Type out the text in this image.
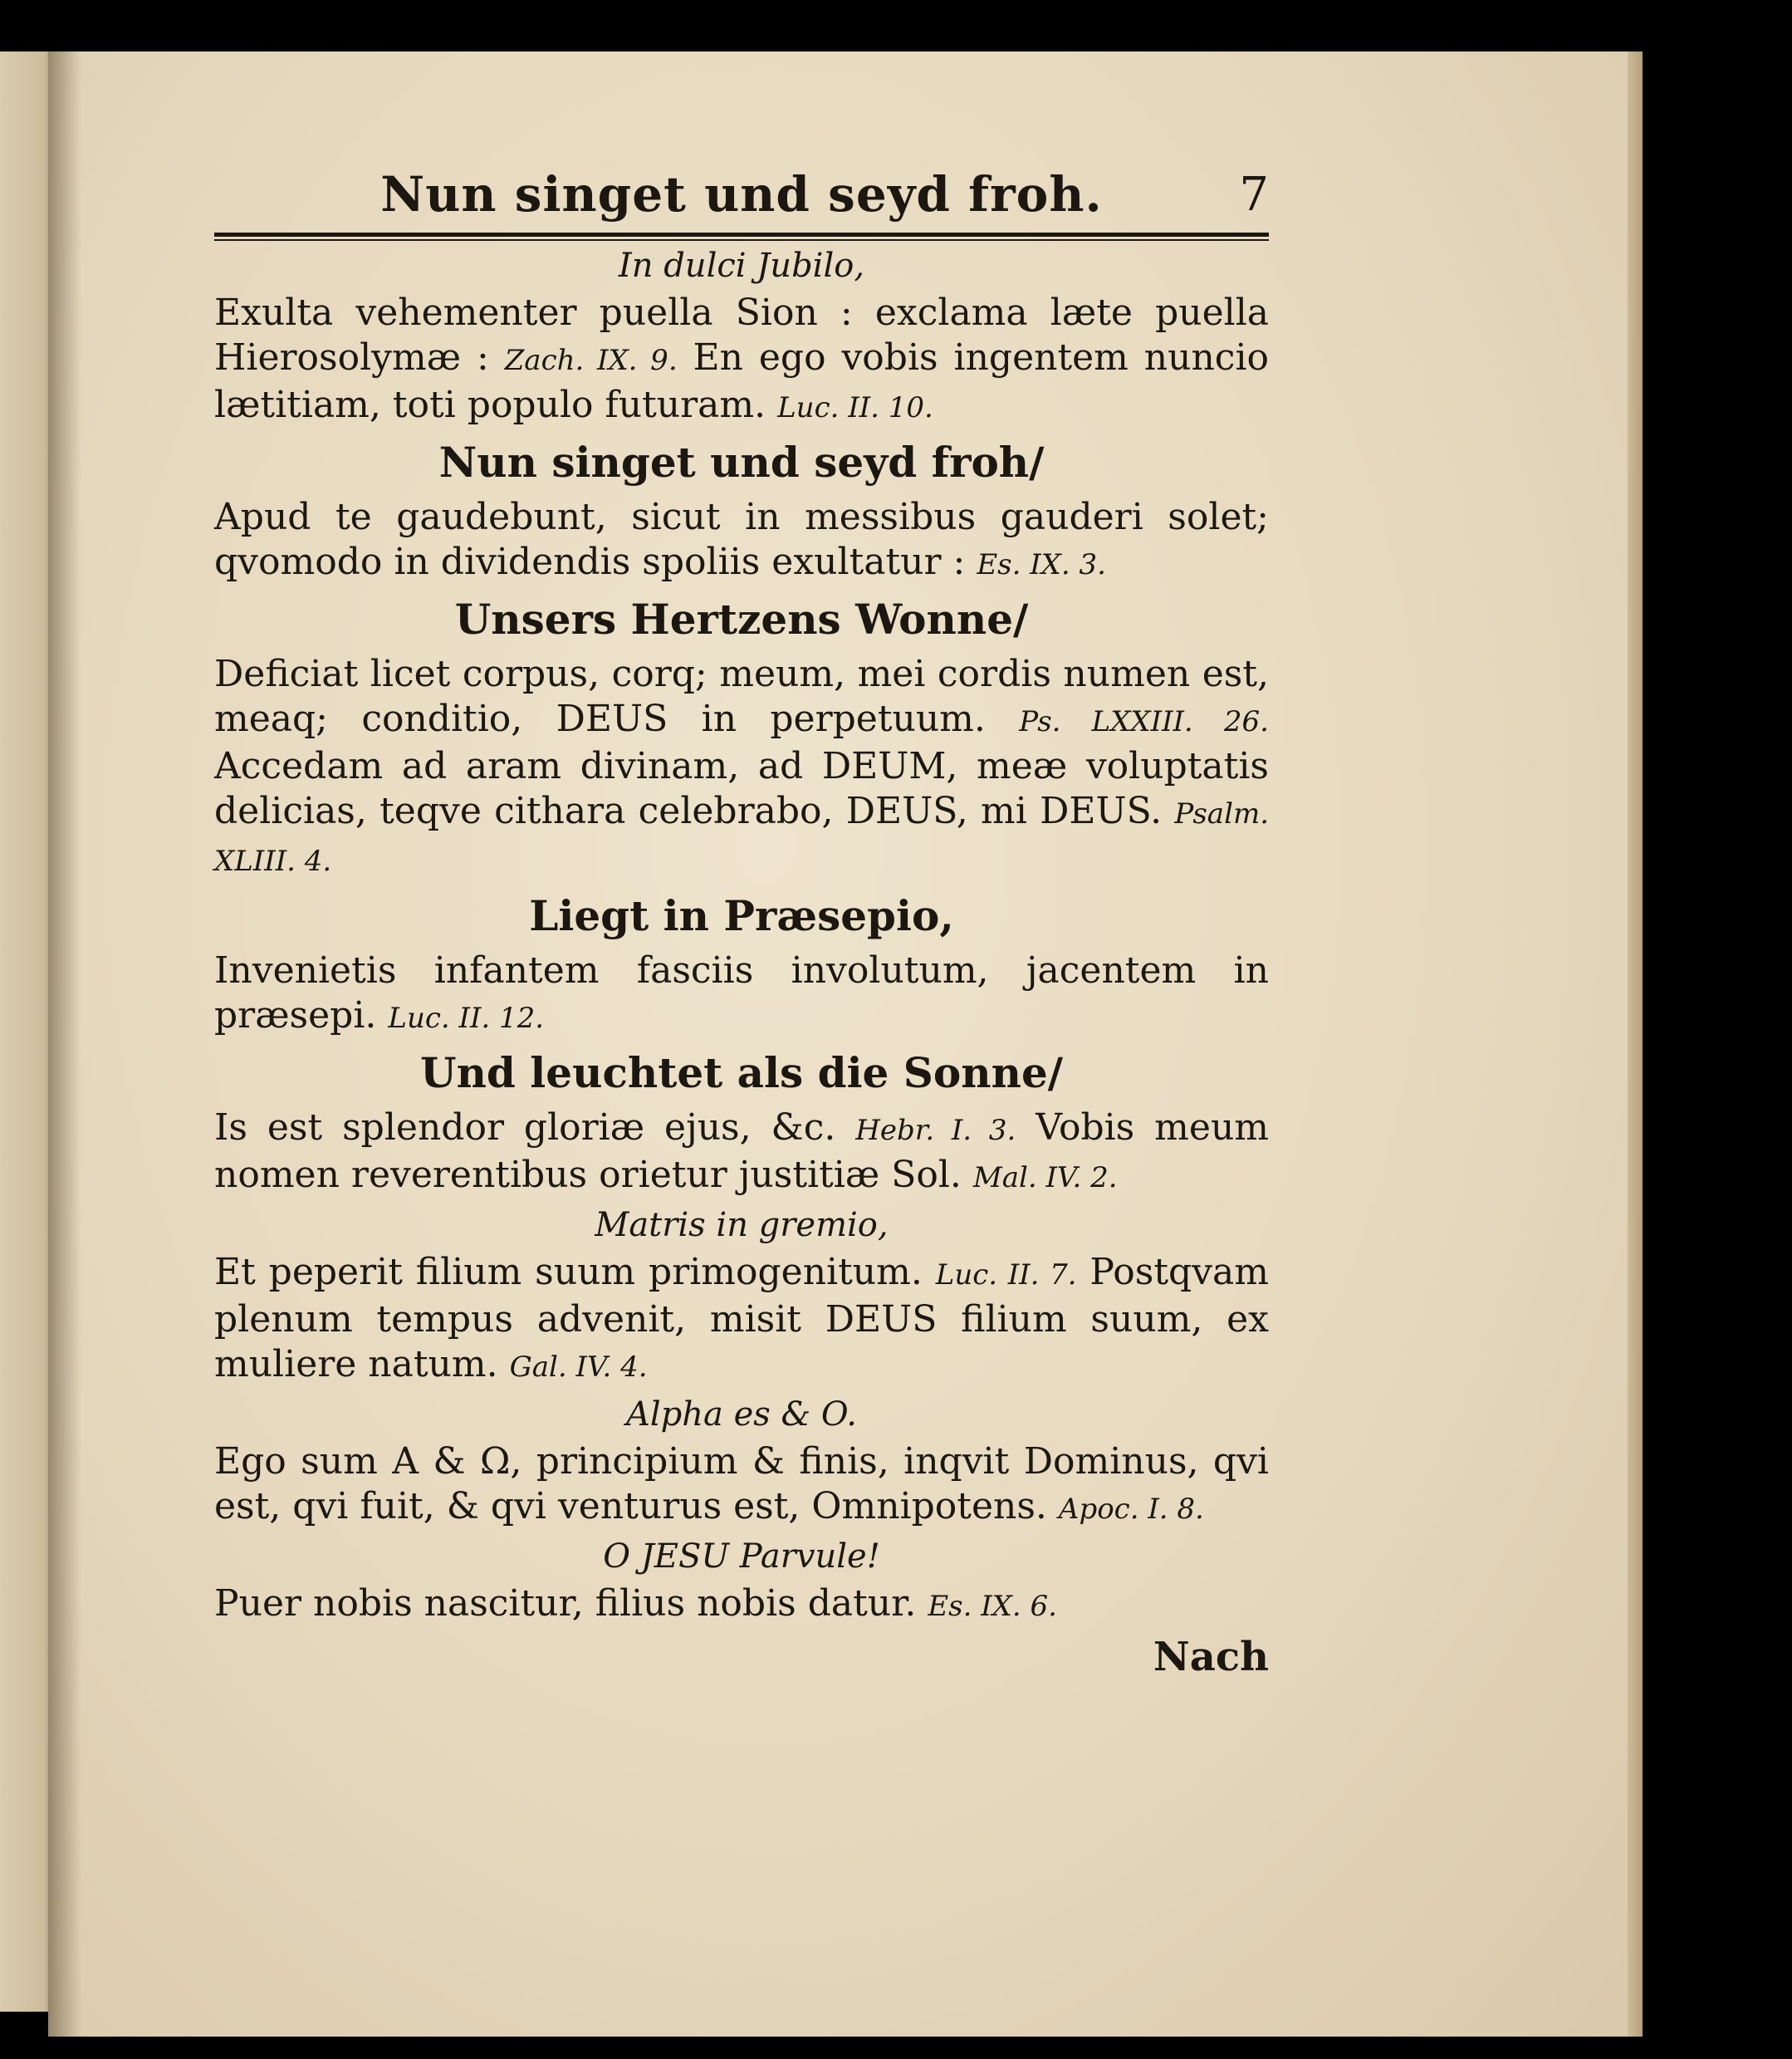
Nun singet und seyd froh.	7

In dulci Jubilo,

Exulta vehementer puella Sion : exclama læte puella Hierosolymæ : Zach. IX. 9. En ego vobis ingentem nuncio lætitiam, toti populo futuram. Luc. II. 10.

Nun singet und seyd froh/

Apud te gaudebunt, sicut in messibus gauderi solet; qvomodo in dividendis spoliis exultatur : Es. IX. 3.

Unsers Hertzens Wonne/

Deficiat licet corpus, corq; meum, mei cordis numen est, meaq; conditio, DEUS in perpetuum. Ps. LXXIII. 26. Accedam ad aram divinam, ad DEUM, meæ voluptatis delicias, teqve cithara celebrabo, DEUS, mi DEUS. Psalm. XLIII. 4.

Liegt in Præsepio,

Invenietis infantem fasciis involutum, jacentem in præsepi. Luc. II. 12.

Und leuchtet als die Sonne/

Is est splendor gloriæ ejus, &c. Hebr. I. 3. Vobis meum nomen reverentibus orietur justitiæ Sol. Mal. IV. 2.

Matris in gremio,

Et peperit filium suum primogenitum. Luc. II. 7. Postqvam plenum tempus advenit, misit DEUS filium suum, ex muliere natum. Gal. IV. 4.

Alpha es & O.

Ego sum A & Ω, principium & finis, inqvit Dominus, qvi est, qvi fuit, & qvi venturus est, Omnipotens. Apoc. I. 8.

O JESU Parvule!

Puer nobis nascitur, filius nobis datur. Es. IX. 6.

Nach
